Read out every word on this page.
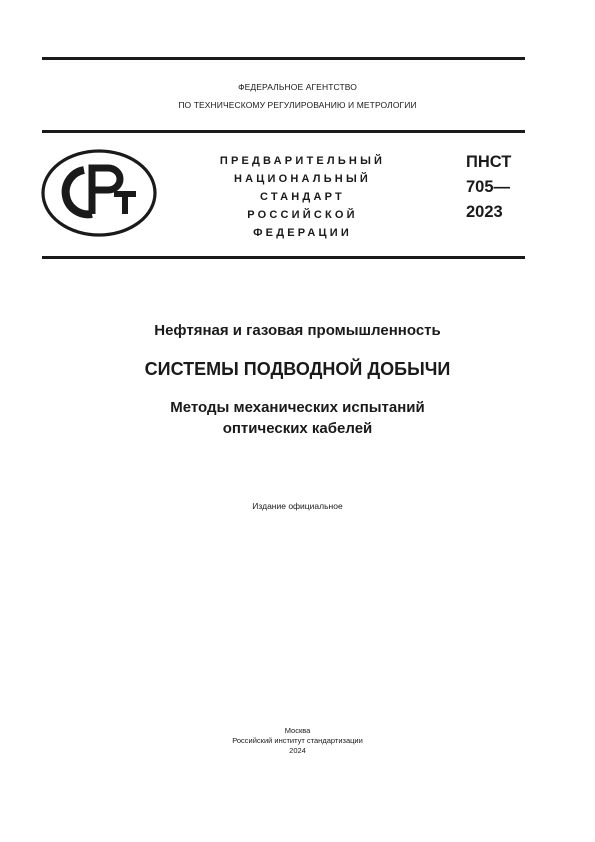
ФЕДЕРАЛЬНОЕ АГЕНТСТВО
ПО ТЕХНИЧЕСКОМУ РЕГУЛИРОВАНИЮ И МЕТРОЛОГИИ
ПРЕДВАРИТЕЛЬНЫЙ
НАЦИОНАЛЬНЫЙ
СТАНДАРТ
РОССИЙСКОЙ
ФЕДЕРАЦИИ
ПНСТ
705—
2023
Нефтяная и газовая промышленность
СИСТЕМЫ ПОДВОДНОЙ ДОБЫЧИ
Методы механических испытаний
оптических кабелей
Издание официальное
Москва
Российский институт стандартизации
2024
